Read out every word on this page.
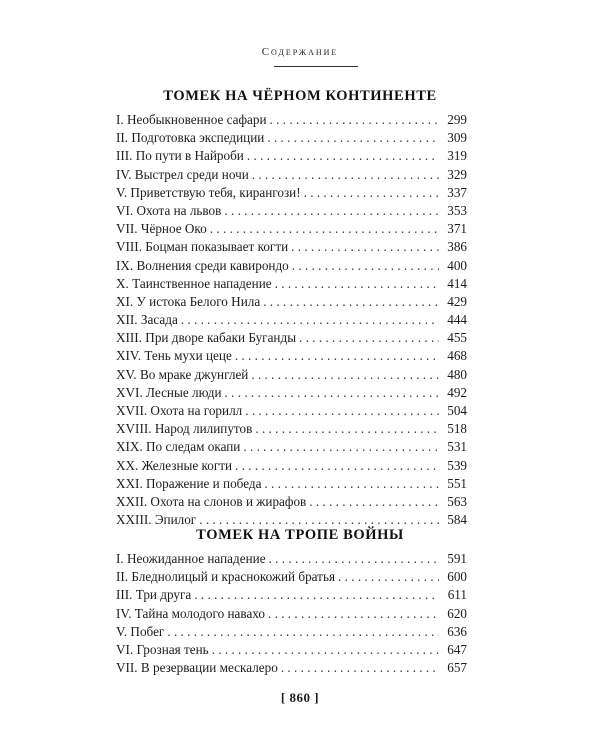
Содержание
ТОМЕК НА ЧЁРНОМ КОНТИНЕНТЕ
I. Необыкновенное сафари . . .	299
II. Подготовка экспедиции . . .	309
III. По пути в Найроби . . .	319
IV. Выстрел среди ночи . . .	329
V. Приветствую тебя, кирангози! . . .	337
VI. Охота на львов . . .	353
VII. Чёрное Око . . .	371
VIII. Боцман показывает когти . . .	386
IX. Волнения среди кавирондо . . .	400
X. Таинственное нападение . . .	414
XI. У истока Белого Нила . . .	429
XII. Засада . . .	444
XIII. При дворе кабаки Буганды . . .	455
XIV. Тень мухи цеце . . .	468
XV. Во мраке джунглей . . .	480
XVI. Лесные люди . . .	492
XVII. Охота на горилл . . .	504
XVIII. Народ лилипутов . . .	518
XIX. По следам окапи . . .	531
XX. Железные когти . . .	539
XXI. Поражение и победа . . .	551
XXII. Охота на слонов и жирафов . . .	563
XXIII. Эпилог . . .	584
ТОМЕК НА ТРОПЕ ВОЙНЫ
I. Неожиданное нападение . . .	591
II. Бледнолицый и краснокожий братья . . .	600
III. Три друга . . .	611
IV. Тайна молодого навахо . . .	620
V. Побег . . .	636
VI. Грозная тень . . .	647
VII. В резервации мескалеро . . .	657
[ 860 ]
